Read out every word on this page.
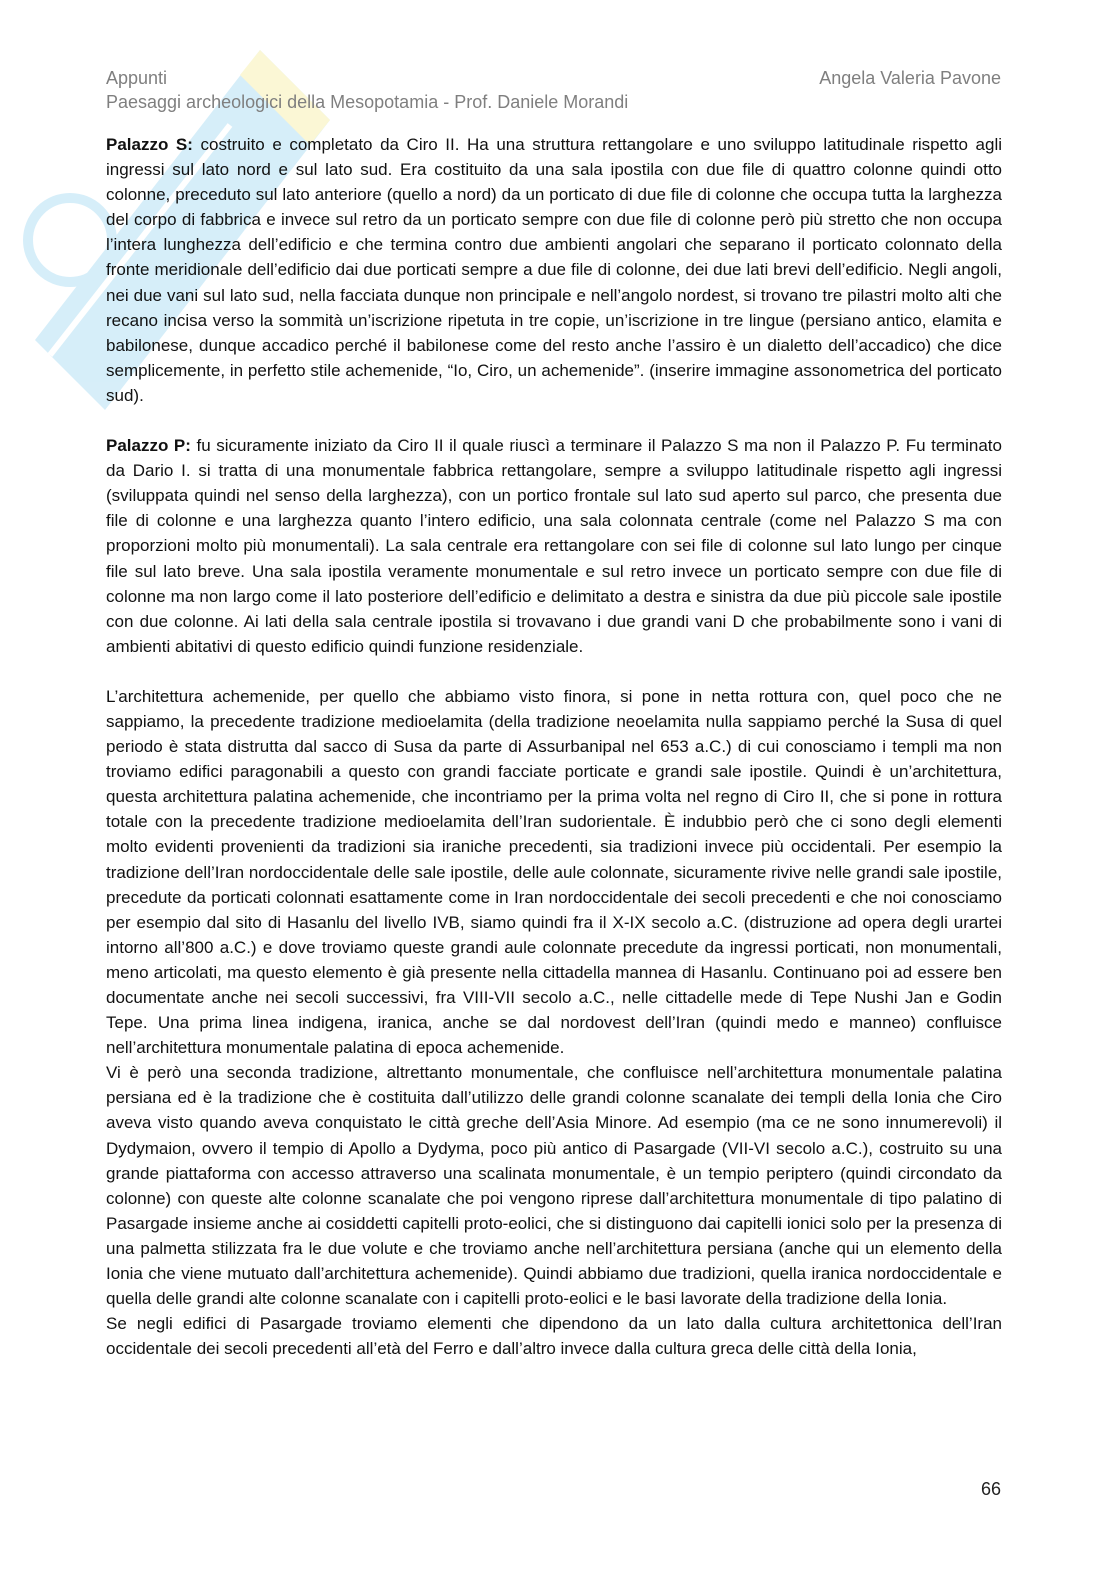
Appunti
Paesaggi archeologici della Mesopotamia - Prof. Daniele Morandi
Angela Valeria Pavone

Palazzo S: costruito e completato da Ciro II. Ha una struttura rettangolare e uno sviluppo latitudinale rispetto agli ingressi sul lato nord e sul lato sud. Era costituito da una sala ipostila con due file di quattro colonne quindi otto colonne, preceduto sul lato anteriore (quello a nord) da un porticato di due file di colonne che occupa tutta la larghezza del corpo di fabbrica e invece sul retro da un porticato sempre con due file di colonne però più stretto che non occupa l’intera lunghezza dell’edificio e che termina contro due ambienti angolari che separano il porticato colonnato della fronte meridionale dell’edificio dai due porticati sempre a due file di colonne, dei due lati brevi dell’edificio. Negli angoli, nei due vani sul lato sud, nella facciata dunque non principale e nell’angolo nordest, si trovano tre pilastri molto alti che recano incisa verso la sommità un’iscrizione ripetuta in tre copie, un’iscrizione in tre lingue (persiano antico, elamita e babilonese, dunque accadico perché il babilonese come del resto anche l’assiro è un dialetto dell’accadico) che dice semplicemente, in perfetto stile achemenide, “Io, Ciro, un achemenide”. (inserire immagine assonometrica del porticato sud).

Palazzo P: fu sicuramente iniziato da Ciro II il quale riuscì a terminare il Palazzo S ma non il Palazzo P. Fu terminato da Dario I. si tratta di una monumentale fabbrica rettangolare, sempre a sviluppo latitudinale rispetto agli ingressi (sviluppata quindi nel senso della larghezza), con un portico frontale sul lato sud aperto sul parco, che presenta due file di colonne e una larghezza quanto l’intero edificio, una sala colonnata centrale (come nel Palazzo S ma con proporzioni molto più monumentali). La sala centrale era rettangolare con sei file di colonne sul lato lungo per cinque file sul lato breve. Una sala ipostila veramente monumentale e sul retro invece un porticato sempre con due file di colonne ma non largo come il lato posteriore dell’edificio e delimitato a destra e sinistra da due più piccole sale ipostile con due colonne. Ai lati della sala centrale ipostila si trovavano i due grandi vani D che probabilmente sono i vani di ambienti abitativi di questo edificio quindi funzione residenziale.

L’architettura achemenide, per quello che abbiamo visto finora, si pone in netta rottura con, quel poco che ne sappiamo, la precedente tradizione medioelamita (della tradizione neoelamita nulla sappiamo perché la Susa di quel periodo è stata distrutta dal sacco di Susa da parte di Assurbanipal nel 653 a.C.) di cui conosciamo i templi ma non troviamo edifici paragonabili a questo con grandi facciate porticate e grandi sale ipostile. Quindi è un’architettura, questa architettura palatina achemenide, che incontriamo per la prima volta nel regno di Ciro II, che si pone in rottura totale con la precedente tradizione medioelamita dell’Iran sudorientale. È indubbio però che ci sono degli elementi molto evidenti provenienti da tradizioni sia iraniche precedenti, sia tradizioni invece più occidentali. Per esempio la tradizione dell’Iran nordoccidentale delle sale ipostile, delle aule colonnate, sicuramente rivive nelle grandi sale ipostile, precedute da porticati colonnati esattamente come in Iran nordoccidentale dei secoli precedenti e che noi conosciamo per esempio dal sito di Hasanlu del livello IVB, siamo quindi fra il X-IX secolo a.C. (distruzione ad opera degli urartei intorno all’800 a.C.) e dove troviamo queste grandi aule colonnate precedute da ingressi porticati, non monumentali, meno articolati, ma questo elemento è già presente nella cittadella mannea di Hasanlu. Continuano poi ad essere ben documentate anche nei secoli successivi, fra VIII-VII secolo a.C., nelle cittadelle mede di Tepe Nushi Jan e Godin Tepe. Una prima linea indigena, iranica, anche se dal nordovest dell’Iran (quindi medo e manneo) confluisce nell’architettura monumentale palatina di epoca achemenide.

Vi è però una seconda tradizione, altrettanto monumentale, che confluisce nell’architettura monumentale palatina persiana ed è la tradizione che è costituita dall’utilizzo delle grandi colonne scanalate dei templi della Ionia che Ciro aveva visto quando aveva conquistato le città greche dell’Asia Minore. Ad esempio (ma ce ne sono innumerevoli) il Dydymaion, ovvero il tempio di Apollo a Dydyma, poco più antico di Pasargade (VII-VI secolo a.C.), costruito su una grande piattaforma con accesso attraverso una scalinata monumentale, è un tempio periptero (quindi circondato da colonne) con queste alte colonne scanalate che poi vengono riprese dall’architettura monumentale di tipo palatino di Pasargade insieme anche ai cosiddetti capitelli proto-eolici, che si distinguono dai capitelli ionici solo per la presenza di una palmetta stilizzata fra le due volute e che troviamo anche nell’architettura persiana (anche qui un elemento della Ionia che viene mutuato dall’architettura achemenide). Quindi abbiamo due tradizioni, quella iranica nordoccidentale e quella delle grandi alte colonne scanalate con i capitelli proto-eolici e le basi lavorate della tradizione della Ionia.

Se negli edifici di Pasargade troviamo elementi che dipendono da un lato dalla cultura architettonica dell’Iran occidentale dei secoli precedenti all’età del Ferro e dall’altro invece dalla cultura greca delle città della Ionia,

66
